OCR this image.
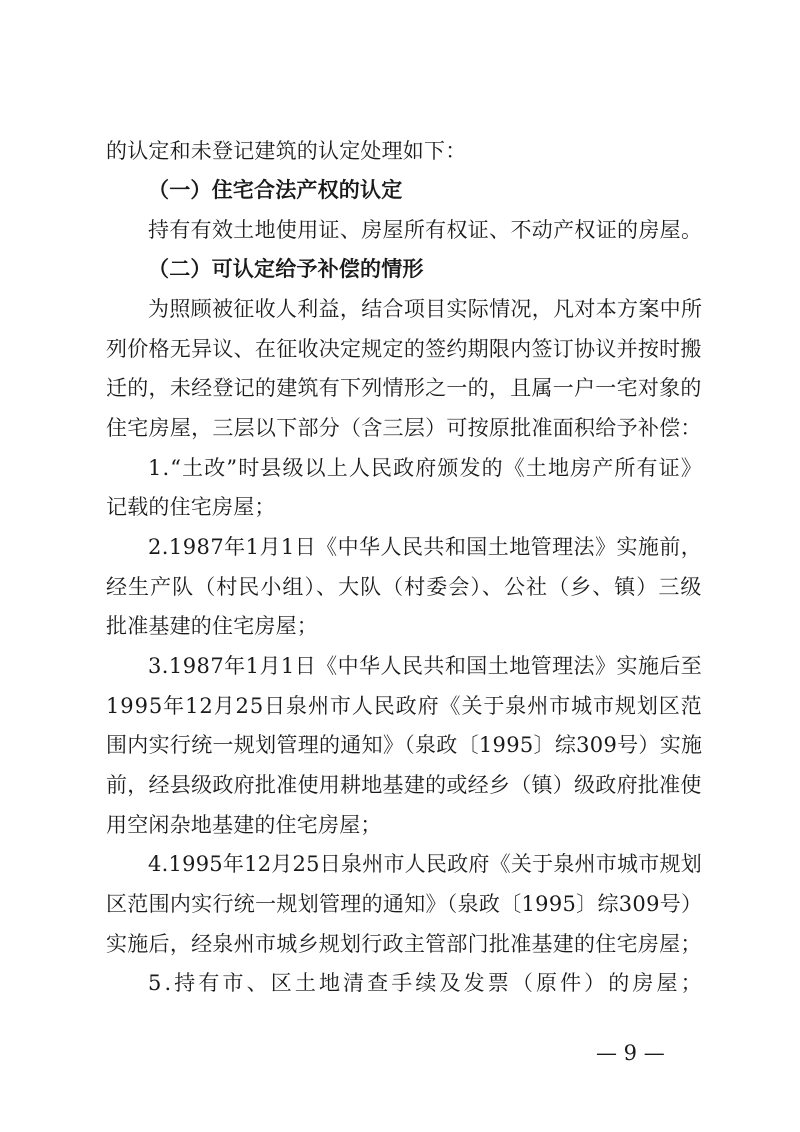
的认定和未登记建筑的认定处理如下：
（一）住宅合法产权的认定
持有有效土地使用证、房屋所有权证、不动产权证的房屋。
（二）可认定给予补偿的情形
为照顾被征收人利益，结合项目实际情况，凡对本方案中所
列价格无异议、在征收决定规定的签约期限内签订协议并按时搬
迁的，未经登记的建筑有下列情形之一的，且属一户一宅对象的
住宅房屋，三层以下部分（含三层）可按原批准面积给予补偿：
1.“土改”时县级以上人民政府颁发的《土地房产所有证》
记载的住宅房屋；
2.1987年1月1日《中华人民共和国土地管理法》实施前，
经生产队（村民小组）、大队（村委会）、公社（乡、镇）三级
批准基建的住宅房屋；
3.1987年1月1日《中华人民共和国土地管理法》实施后至
1995年12月25日泉州市人民政府《关于泉州市城市规划区范
围内实行统一规划管理的通知》（泉政〔1995〕综309号）实施
前，经县级政府批准使用耕地基建的或经乡（镇）级政府批准使
用空闲杂地基建的住宅房屋；
4.1995年12月25日泉州市人民政府《关于泉州市城市规划
区范围内实行统一规划管理的通知》（泉政〔1995〕综309号）
实施后，经泉州市城乡规划行政主管部门批准基建的住宅房屋；
5.持有市、区土地清查手续及发票（原件）的房屋；
— 9 —
